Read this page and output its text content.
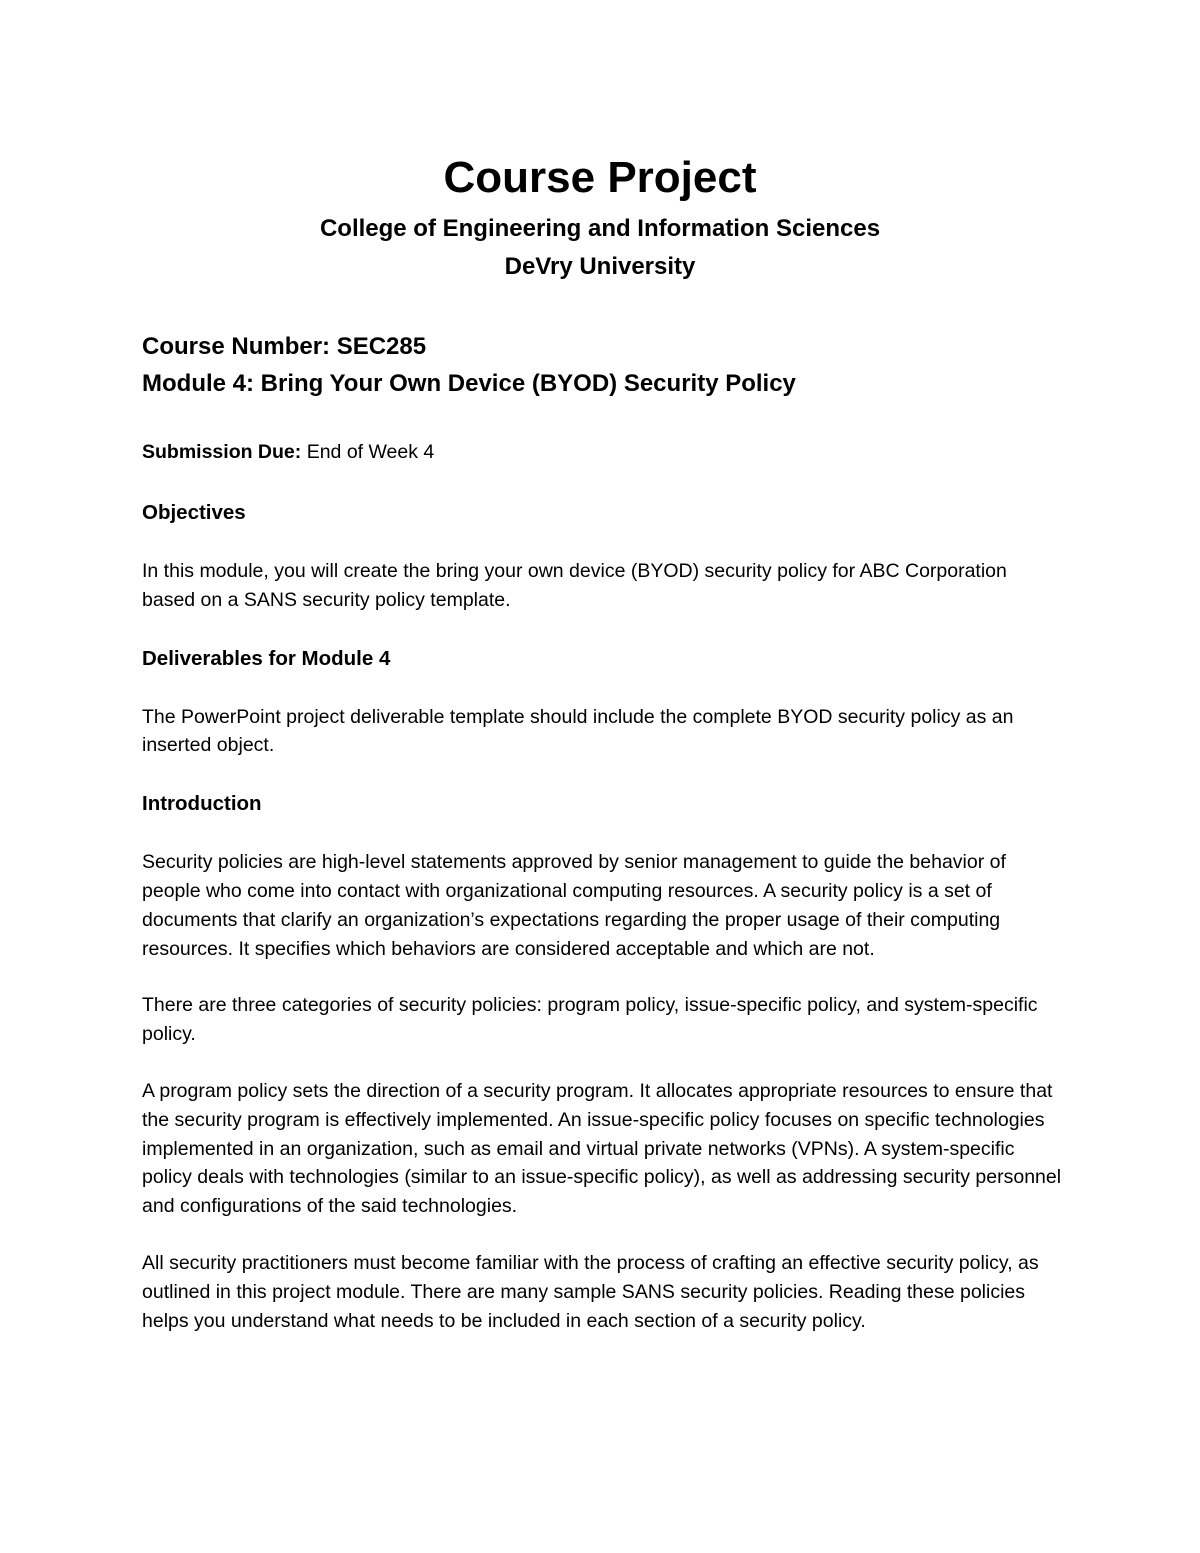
Course Project

College of Engineering and Information Sciences

DeVry University

Course Number: SEC285

Module 4: Bring Your Own Device (BYOD) Security Policy

Submission Due: End of Week 4

Objectives

In this module, you will create the bring your own device (BYOD) security policy for ABC Corporation based on a SANS security policy template.

Deliverables for Module 4

The PowerPoint project deliverable template should include the complete BYOD security policy as an inserted object.

Introduction

Security policies are high-level statements approved by senior management to guide the behavior of people who come into contact with organizational computing resources. A security policy is a set of documents that clarify an organization’s expectations regarding the proper usage of their computing resources. It specifies which behaviors are considered acceptable and which are not.

There are three categories of security policies: program policy, issue-specific policy, and system-specific policy.

A program policy sets the direction of a security program. It allocates appropriate resources to ensure that the security program is effectively implemented. An issue-specific policy focuses on specific technologies implemented in an organization, such as email and virtual private networks (VPNs). A system-specific policy deals with technologies (similar to an issue-specific policy), as well as addressing security personnel and configurations of the said technologies.

All security practitioners must become familiar with the process of crafting an effective security policy, as outlined in this project module. There are many sample SANS security policies. Reading these policies helps you understand what needs to be included in each section of a security policy.
